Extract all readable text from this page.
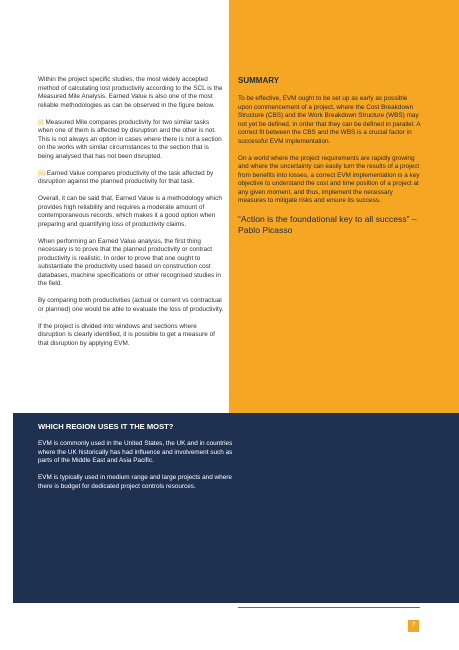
Within the project specific studies, the most widely accepted method of calculating lost productivity according to the SCL is the Measured Mile Analysis. Earned Value is also one of the most reliable methodologies as can be observed in the figure below.

(i) Measured Mile compares productivity for two similar tasks when one of them is affected by disruption and the other is not. This is not always an option in cases where there is not a section on the works with similar circumstances to the section that is being analysed that has not been disrupted.

(ii) Earned Value compares productivity of the task affected by disruption against the planned productivity for that task.

Overall, it can be said that, Earned Value is a methodology which provides high reliability and requires a moderate amount of contemporaneous records, which makes it a good option when preparing and quantifying loss of productivity claims.

When performing an Earned Value analysis, the first thing necessary is to prove that the planned productivity or contract productivity is realistic. In order to prove that one ought to substantiate the productivity used based on construction cost databases, machine specifications or other recognised studies in the field.

By comparing both productivities (actual or current vs contractual or planned) one would be able to evaluate the loss of productivity.

If the project is divided into windows and sections where disruption is clearly identified, it is possible to get a measure of that disruption by applying EVM.

SUMMARY

To be effective, EVM ought to be set up as early as possible upon commencement of a project, where the Cost Breakdown Structure (CBS) and the Work Breakdown Structure (WBS) may not yet be defined, in order that they can be defined in parallel. A correct fit between the CBS and the WBS is a crucial factor in successful EVM implementation.

On a world where the project requirements are rapidly growing and where the uncertainty can easily turn the results of a project from benefits into losses, a correct EVM implementation is a key objective to understand the cost and time position of a project at any given moment, and thus, implement the necessary measures to mitigate risks and ensure its success.

“Action is the foundational key to all success” – Pablo Picasso

WHICH REGION USES IT THE MOST?

EVM is commonly used in the United States, the UK and in countries where the UK historically has had influence and involvement such as parts of the Middle East and Asia Pacific.

EVM is typically used in medium range and large projects and where there is budget for dedicated project controls resources.

7
